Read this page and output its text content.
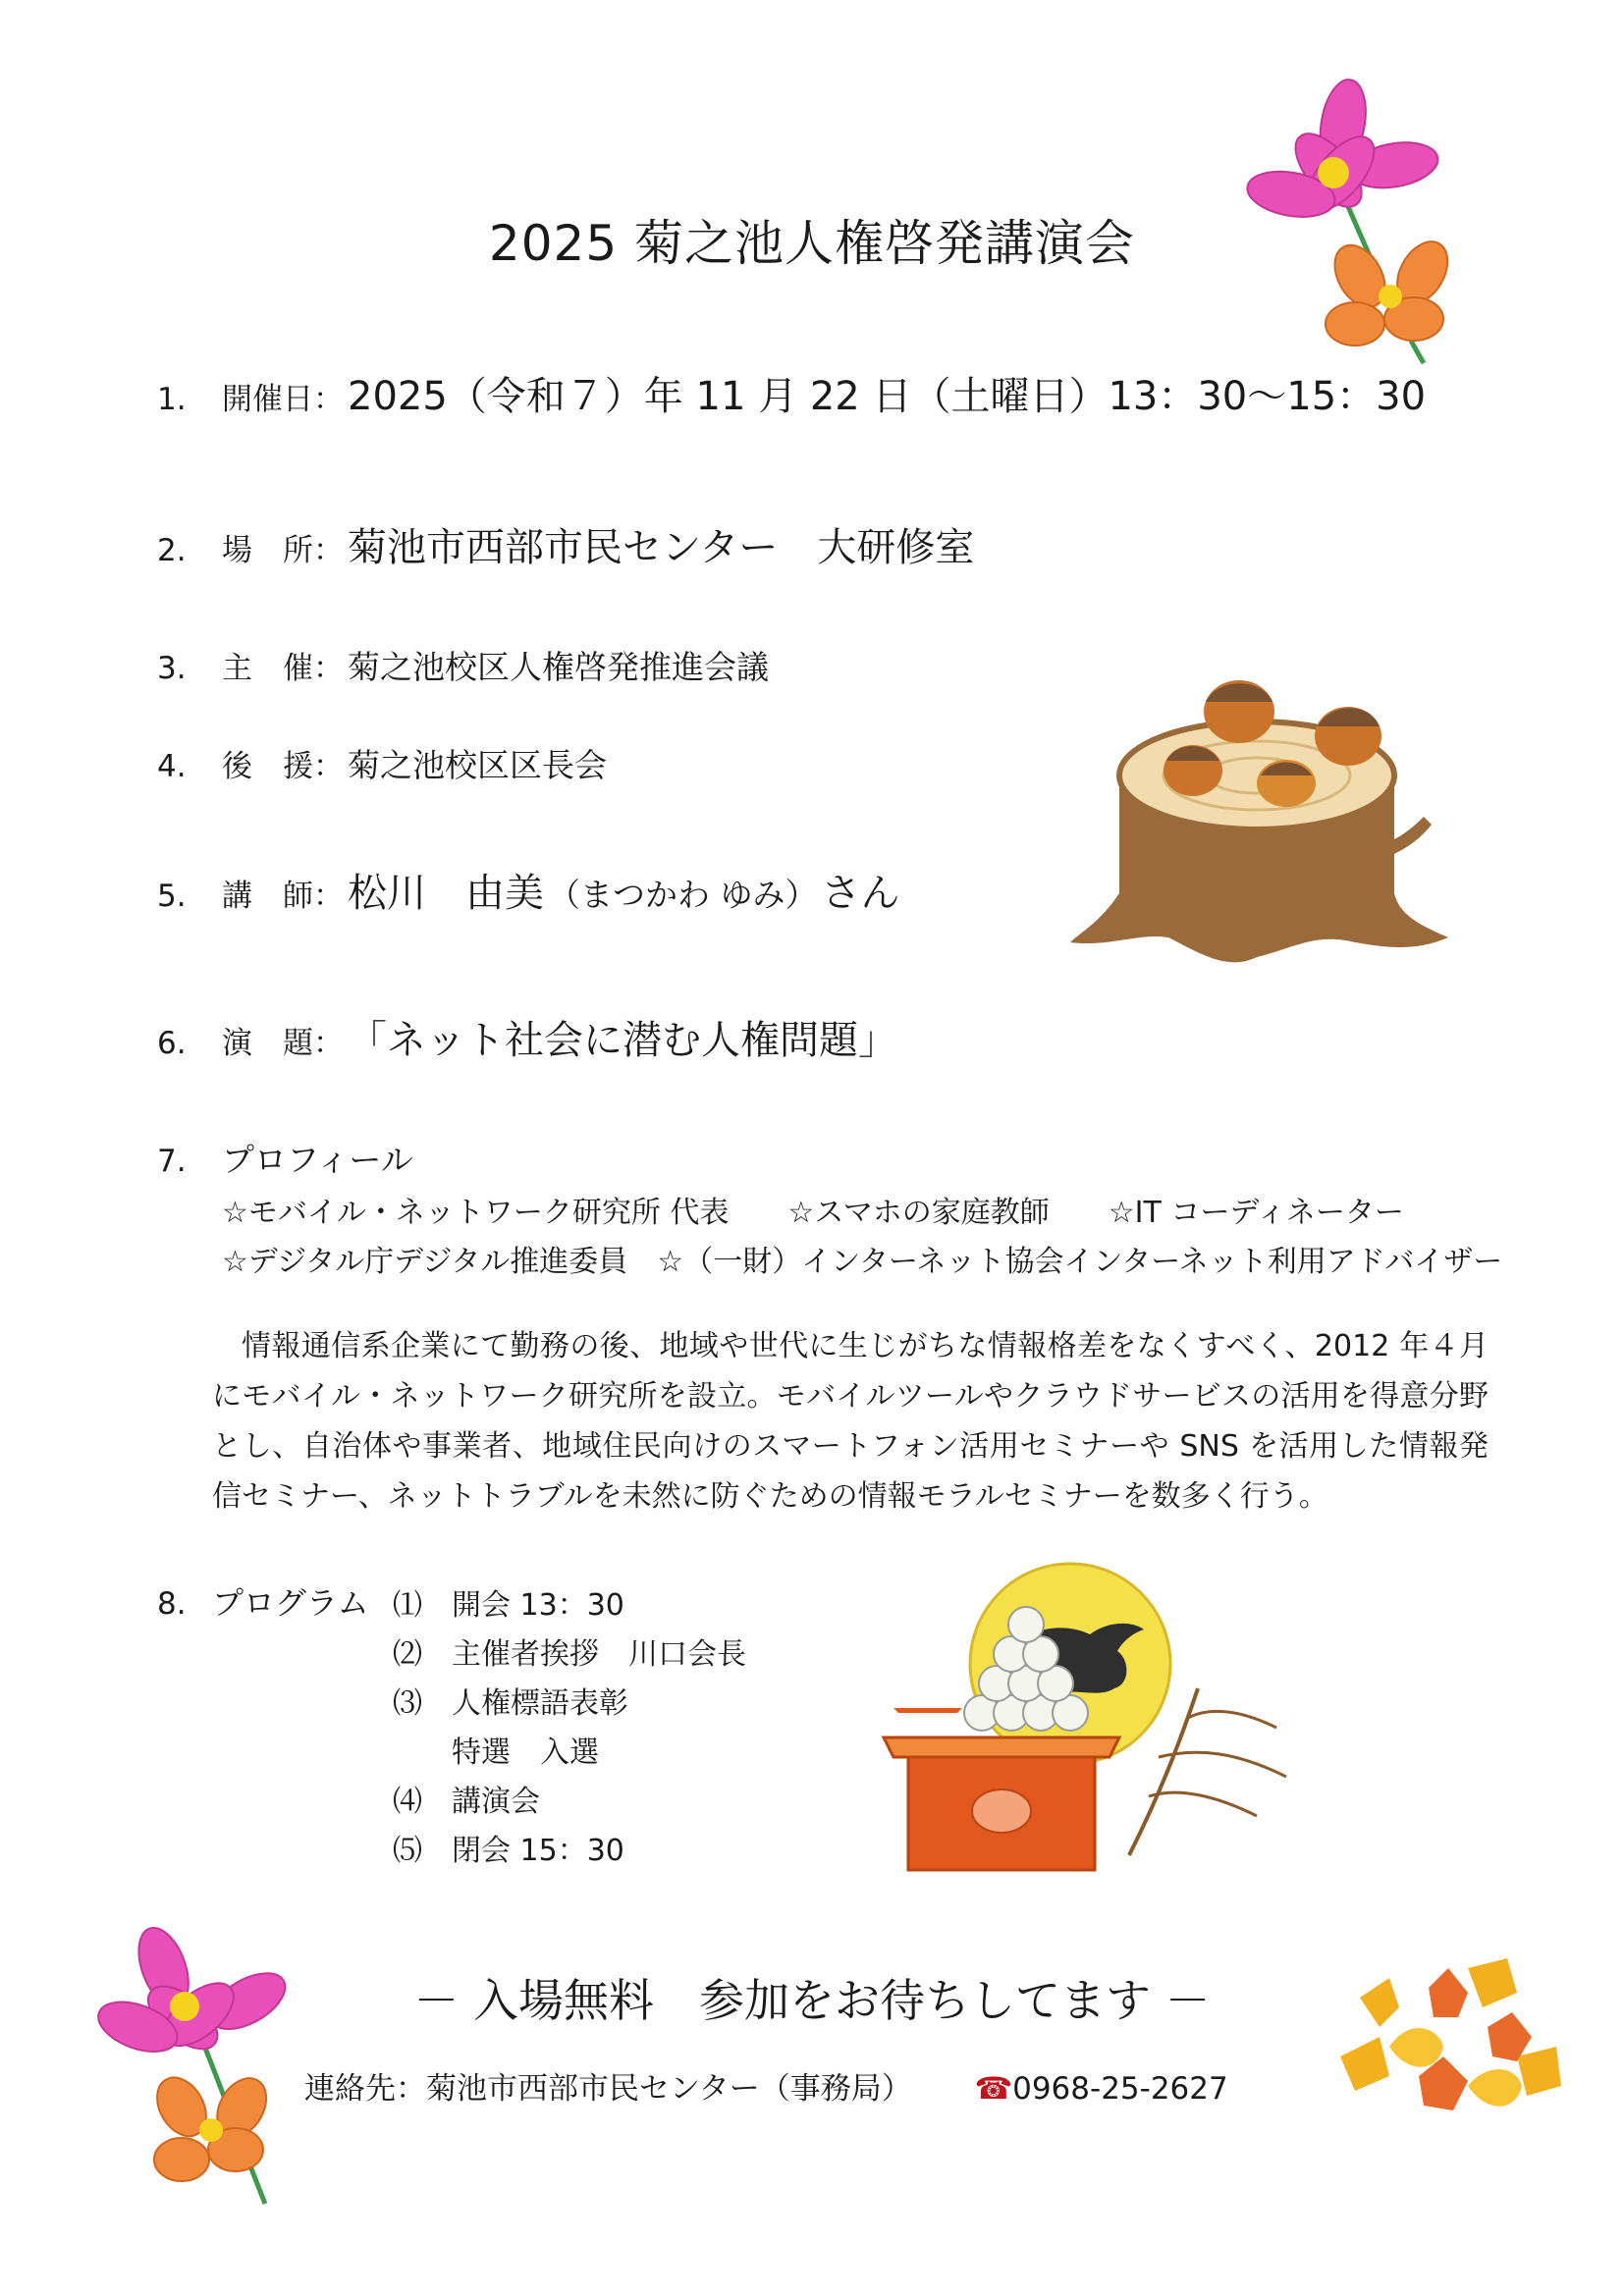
2025 菊之池人権啓発講演会
1.	開催日 ： 2025（令和７）年 11 月 22 日（土曜日）13：30～15：30
2.	場　所 ： 菊池市西部市民センター　大研修室
3.	主　催 ： 菊之池校区人権啓発推進会議
4.	後　援 ： 菊之池校区区長会
5.	講　師 ： 松川　由美 （まつかわ ゆみ） さん
6.	演　題 ： 「ネット社会に潜む人権問題」
7.	プロフィール
☆モバイル・ネットワーク研究所 代表　　☆スマホの家庭教師　　☆IT コーディネーター
☆デジタル庁デジタル推進委員　☆（一財）インターネット協会インターネット利用アドバイザー
情報通信系企業にて勤務の後、地域や世代に生じがちな情報格差をなくすべく、2012 年４月 にモバイル・ネットワーク研究所を設立。モバイルツールやクラウドサービスの活用を得意分野とし、自治体や事業者、地域住民向けのスマートフォン活用セミナーや SNS を活用した情報発信セミナー、ネットトラブルを未然に防ぐための情報モラルセミナーを数多く行う。
8. プログラム ⑴ 開会 13：30
⑵ 主催者挨拶　川口会長
⑶ 人権標語表彰
特選　入選
⑷ 講演会
⑸ 閉会 15：30
－ 入場無料　参加をお待ちしてます －
連絡先：菊池市西部市民センター（事務局） ☎0968-25-2627
